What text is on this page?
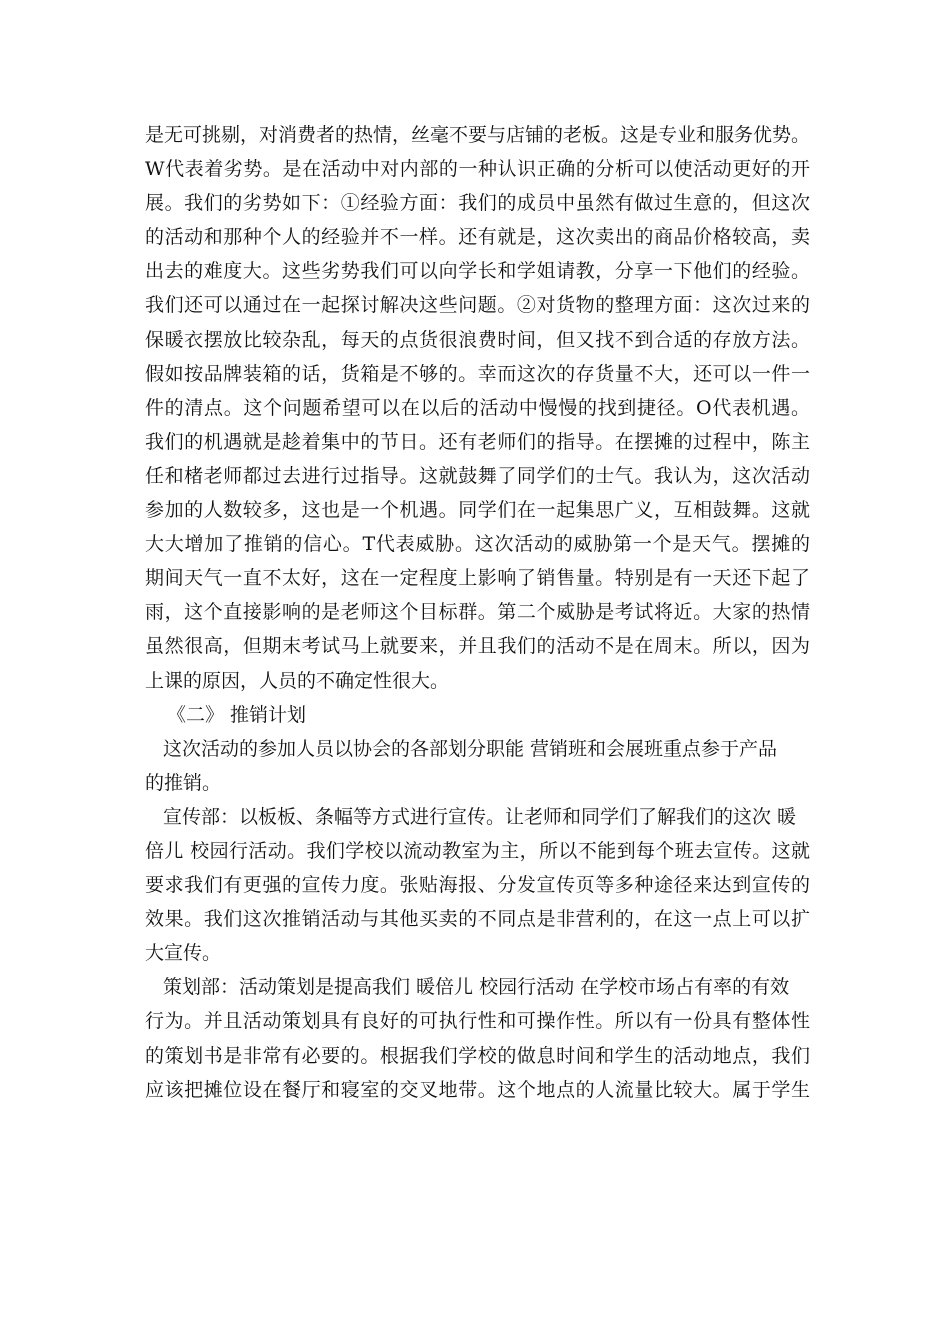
是无可挑剔，对消费者的热情，丝毫不要与店铺的老板。这是专业和服务优势。
W代表着劣势。是在活动中对内部的一种认识正确的分析可以使活动更好的开
展。我们的劣势如下：①经验方面：我们的成员中虽然有做过生意的，但这次
的活动和那种个人的经验并不一样。还有就是，这次卖出的商品价格较高，卖
出去的难度大。这些劣势我们可以向学长和学姐请教，分享一下他们的经验。
我们还可以通过在一起探讨解决这些问题。②对货物的整理方面：这次过来的
保暖衣摆放比较杂乱，每天的点货很浪费时间，但又找不到合适的存放方法。
假如按品牌装箱的话，货箱是不够的。幸而这次的存货量不大，还可以一件一
件的清点。这个问题希望可以在以后的活动中慢慢的找到捷径。O代表机遇。
我们的机遇就是趁着集中的节日。还有老师们的指导。在摆摊的过程中，陈主
任和楮老师都过去进行过指导。这就鼓舞了同学们的士气。我认为，这次活动
参加的人数较多，这也是一个机遇。同学们在一起集思广义，互相鼓舞。这就
大大增加了推销的信心。T代表威胁。这次活动的威胁第一个是天气。摆摊的
期间天气一直不太好，这在一定程度上影响了销售量。特别是有一天还下起了
雨，这个直接影响的是老师这个目标群。第二个威胁是考试将近。大家的热情
虽然很高，但期末考试马上就要来，并且我们的活动不是在周末。所以，因为
上课的原因，人员的不确定性很大。
《二》 推销计划
这次活动的参加人员以协会的各部划分职能 营销班和会展班重点参于产品
的推销。
宣传部：以板板、条幅等方式进行宣传。让老师和同学们了解我们的这次 暖
倍儿 校园行活动。我们学校以流动教室为主，所以不能到每个班去宣传。这就
要求我们有更强的宣传力度。张贴海报、分发宣传页等多种途径来达到宣传的
效果。我们这次推销活动与其他买卖的不同点是非营利的，在这一点上可以扩
大宣传。
策划部：活动策划是提高我们 暖倍儿 校园行活动 在学校市场占有率的有效
行为。并且活动策划具有良好的可执行性和可操作性。所以有一份具有整体性
的策划书是非常有必要的。根据我们学校的做息时间和学生的活动地点，我们
应该把摊位设在餐厅和寝室的交叉地带。这个地点的人流量比较大。属于学生
